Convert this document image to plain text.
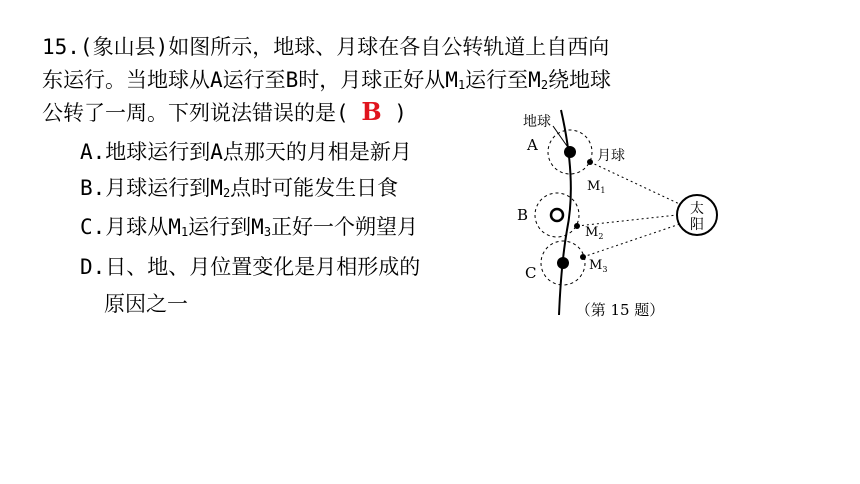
15.(象山县)如图所示，地球、月球在各自公转轨道上自西向
东运行。当地球从A运行至B时，月球正好从$M_1$运行至$M_2$绕地球
公转了一周。下列说法错误的是( B )
A.地球运行到A点那天的月相是新月
B.月球运行到$M_2$点时可能发生日食
C.月球从$M_1$运行到$M_3$正好一个朔望月
D.日、地、月位置变化是月相形成的
原因之一
太
阳
地球
月球
A
B
C
$M_1$
$M_2$
$M_3$
（第 15 题）
